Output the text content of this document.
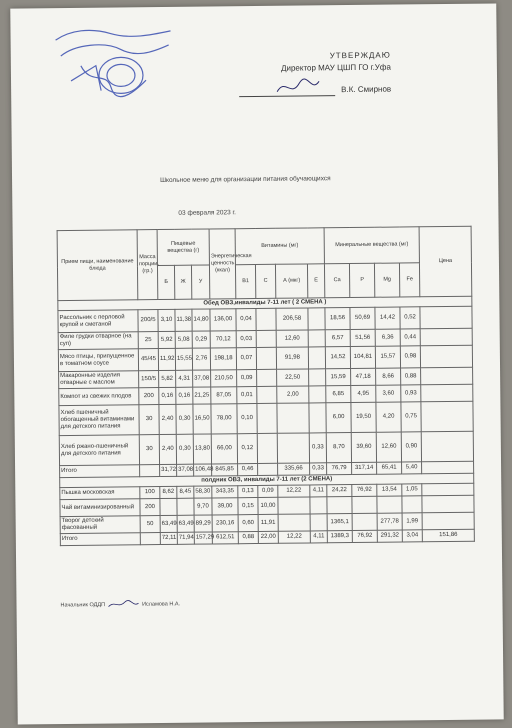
УТВЕРЖДАЮ
Директор МАУ ЦШП ГО г.Уфа
В.К. Смирнов
Школьное меню для организации питания обучающихся
03 февраля 2023 г.
Прием пищи, наименование блюда	Масса порции, (гр.)	Пищевые вещества (г)			Энергетическая ценность (ккал)	Витамины (мг)				Минеральные вещества (мг)				Цена
		Б	Ж	У		В1	С	А (мкг)	Е	Са	Р	Mg	Fe	
Обед ОВЗ,инвалиды 7-11 лет ( 2 СМЕНА )														
Рассольник с перловой крупой и сметаной	200/5	3,10	11,38	14,80	136,00	0,04		206,58		18,56	50,69	14,42	0,52	
Филе грудки отварное (на суп)	25	5,92	5,08	0,29	70,12	0,03		12,60		6,57	51,56	6,36	0,44	
Мясо птицы, припущенное в томатном соусе	45/45	11,92	15,55	2,76	198,18	0,07		91,98		14,52	104,81	15,57	0,98	
Макаронные изделия отварные с маслом	150/5	5,82	4,31	37,08	210,50	0,09		22,50		15,59	47,18	8,66	0,88	
Компот из свежих плодов	200	0,16	0,16	21,25	87,05	0,01		2,00		6,85	4,95	3,60	0,93	
Хлеб пшеничный обогащенный витаминами для детского питания	30	2,40	0,30	16,50	78,00	0,10				6,00	19,50	4,20	0,75	
Хлеб ржано-пшеничный для детского питания	30	2,40	0,30	13,80	66,00	0,12			0,33	8,70	39,60	12,60	0,90	
Итого		31,72	37,08	106,48	845,85	0,46		335,66	0,33	76,79	317,14	65,41	5,40	
полдник ОВЗ, инвалиды 7-11 лет (2 СМЕНА)														
Пышка московская	100	8,62	8,45	58,30	343,35	0,13	0,09	12,22	4,11	24,22	76,92	13,54	1,05	
Чай витаминизированный	200			9,70	39,00	0,15	10,00							
Творог детский фасованный	50	63,49	63,49	89,29	230,16	0,60	11,91			1365,1		277,78	1,99	
Итого		72,11	71,94	157,29	612,51	0,88	22,00	12,22	4,11	1389,3	76,92	291,32	3,04	151,86
Начальник ОДДП	Исламова Н.А.
